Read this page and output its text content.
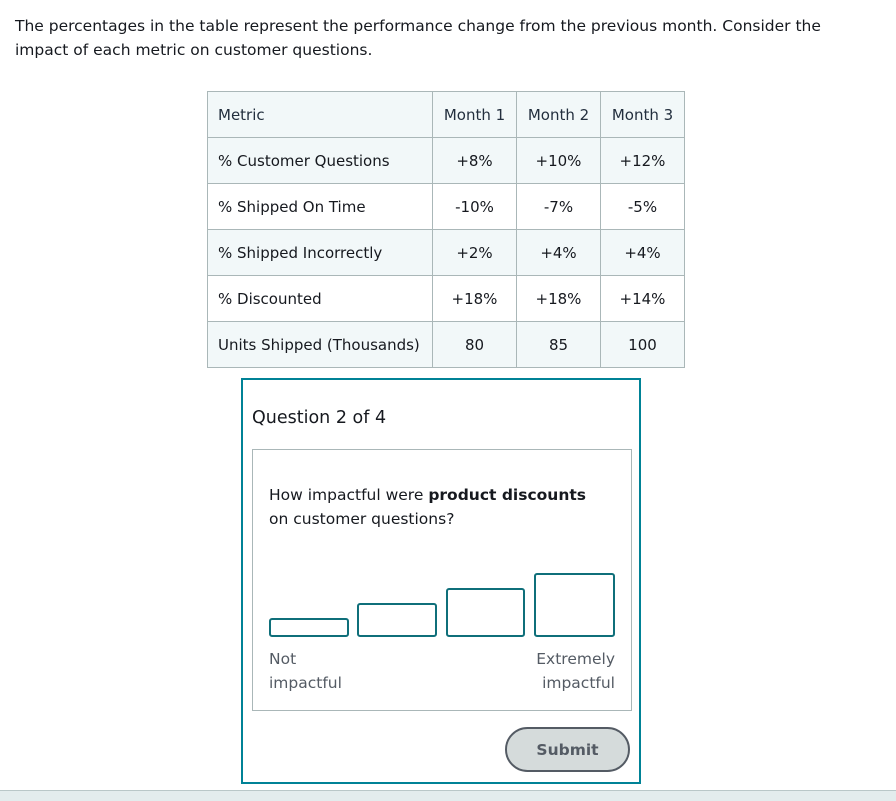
The percentages in the table represent the performance change from the previous month. Consider the impact of each metric on customer questions.
Metric	Month 1	Month 2	Month 3
% Customer Questions	+8%	+10%	+12%
% Shipped On Time	-10%	-7%	-5%
% Shipped Incorrectly	+2%	+4%	+4%
% Discounted	+18%	+18%	+14%
Units Shipped (Thousands)	80	85	100
Question 2 of 4
How impactful were product discounts on customer questions?
Not impactful
Extremely impactful
Submit
